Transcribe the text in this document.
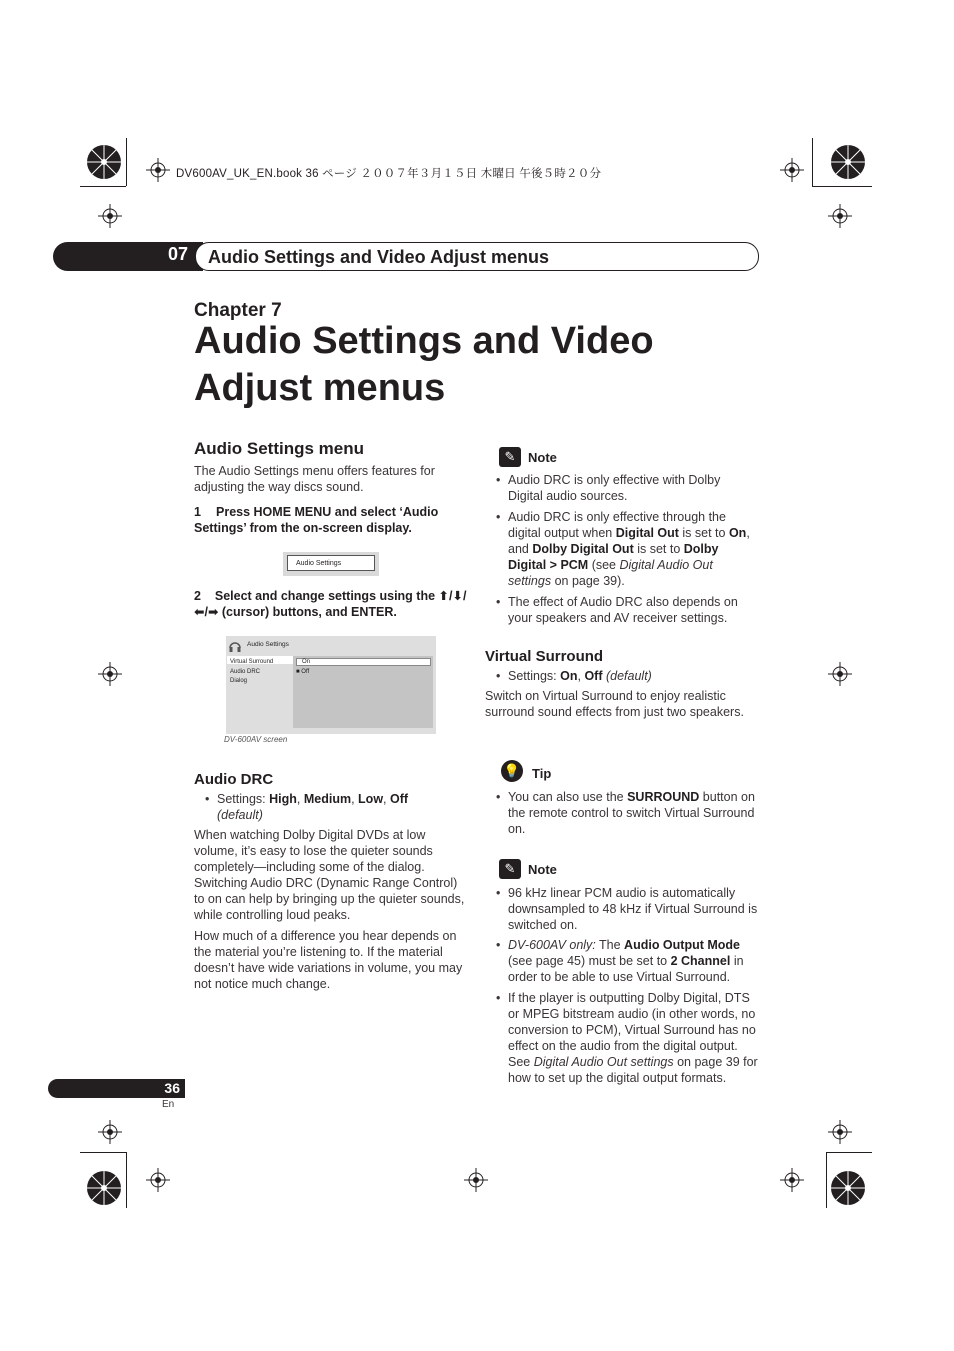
DV600AV_UK_EN.book 36 ページ ２００７年３月１５日 木曜日 午後５時２０分
07 Audio Settings and Video Adjust menus
Chapter 7
Audio Settings and Video
Adjust menus
Audio Settings menu
The Audio Settings menu offers features for adjusting the way discs sound.
1	Press HOME MENU and select ‘Audio Settings’ from the on-screen display.
Audio Settings
2 Select and change settings using the ⬆/⬇/⬅/➡ (cursor) buttons, and ENTER.
Audio Settings
Virtual Surround
Audio DRC
Dialog
On
■ Off
DV-600AV screen
Audio DRC
• Settings: High, Medium, Low, Off
(default)
When watching Dolby Digital DVDs at low volume, it’s easy to lose the quieter sounds completely—including some of the dialog. Switching Audio DRC (Dynamic Range Control) to on can help by bringing up the quieter sounds, while controlling loud peaks.
How much of a difference you hear depends on the material you’re listening to. If the material doesn’t have wide variations in volume, you may not notice much change.
✎ Note
• Audio DRC is only effective with Dolby Digital audio sources.
• Audio DRC is only effective through the digital output when Digital Out is set to On, and Dolby Digital Out is set to Dolby Digital > PCM (see Digital Audio Out settings on page 39).
• The effect of Audio DRC also depends on your speakers and AV receiver settings.
Virtual Surround
• Settings: On, Off (default)
Switch on Virtual Surround to enjoy realistic surround sound effects from just two speakers.
💡 Tip
• You can also use the SURROUND button on the remote control to switch Virtual Surround on.
✎ Note
• 96 kHz linear PCM audio is automatically downsampled to 48 kHz if Virtual Surround is switched on.
• DV-600AV only: The Audio Output Mode (see page 45) must be set to 2 Channel in order to be able to use Virtual Surround.
• If the player is outputting Dolby Digital, DTS or MPEG bitstream audio (in other words, no conversion to PCM), Virtual Surround has no effect on the audio from the digital output. See Digital Audio Out settings on page 39 for how to set up the digital output formats.
36
En
